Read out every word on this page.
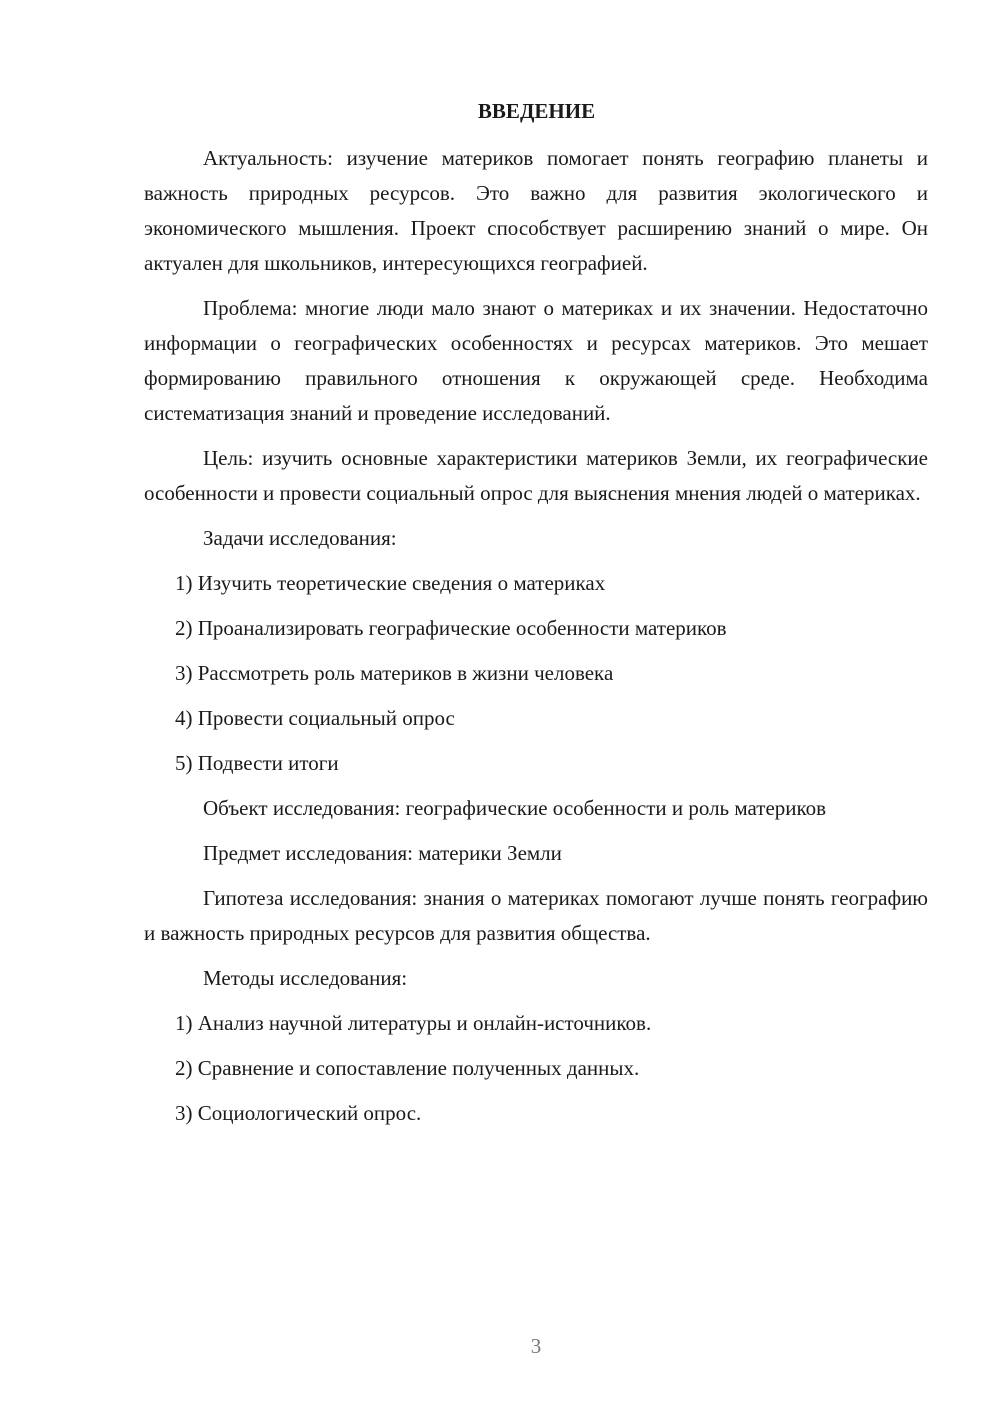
ВВЕДЕНИЕ

Актуальность: изучение материков помогает понять географию планеты и важность природных ресурсов. Это важно для развития экологического и экономического мышления. Проект способствует расширению знаний о мире. Он актуален для школьников, интересующихся географией.

Проблема: многие люди мало знают о материках и их значении. Недостаточно информации о географических особенностях и ресурсах материков. Это мешает формированию правильного отношения к окружающей среде. Необходима систематизация знаний и проведение исследований.

Цель: изучить основные характеристики материков Земли, их географические особенности и провести социальный опрос для выяснения мнения людей о материках.

Задачи исследования:

1) Изучить теоретические сведения о материках

2) Проанализировать географические особенности материков

3) Рассмотреть роль материков в жизни человека

4) Провести социальный опрос

5) Подвести итоги

Объект исследования: географические особенности и роль материков

Предмет исследования: материки Земли

Гипотеза исследования: знания о материках помогают лучше понять географию и важность природных ресурсов для развития общества.

Методы исследования:

1) Анализ научной литературы и онлайн-источников.

2) Сравнение и сопоставление полученных данных.

3) Социологический опрос.

3
